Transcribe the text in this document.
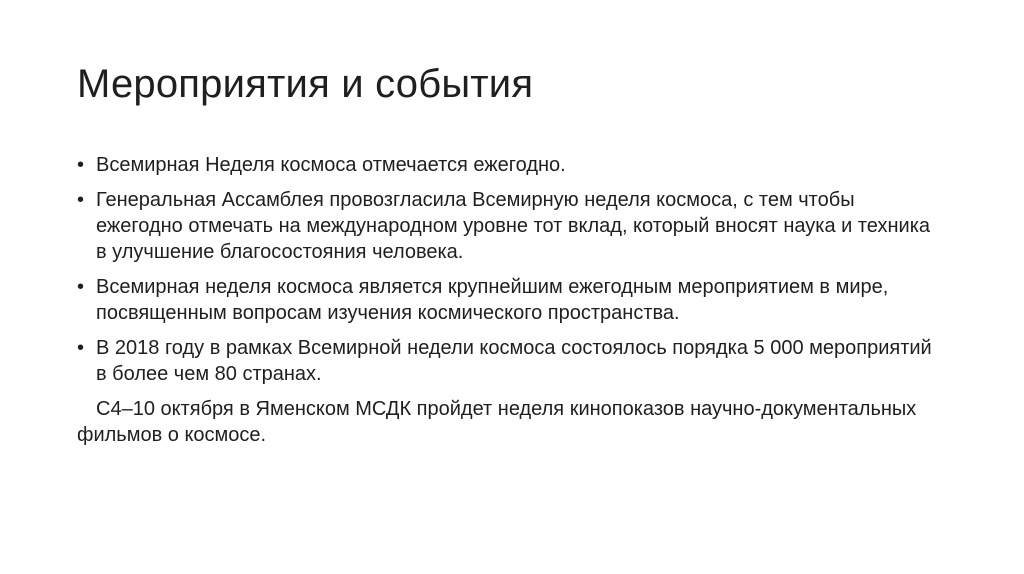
Мероприятия и события
• Всемирная Неделя космоса отмечается ежегодно.
• Генеральная Ассамблея провозгласила Всемирную неделя космоса, с тем чтобы ежегодно отмечать на международном уровне тот вклад, который вносят наука и техника в улучшение благосостояния человека.
• Всемирная неделя космоса является крупнейшим ежегодным мероприятием в мире, посвященным вопросам изучения космического пространства.
• В 2018 году в рамках Всемирной недели космоса состоялось порядка 5 000 мероприятий в более чем 80 странах.

С4–10 октября в Яменском МСДК пройдет неделя кинопоказов научно-документальных фильмов о космосе.
